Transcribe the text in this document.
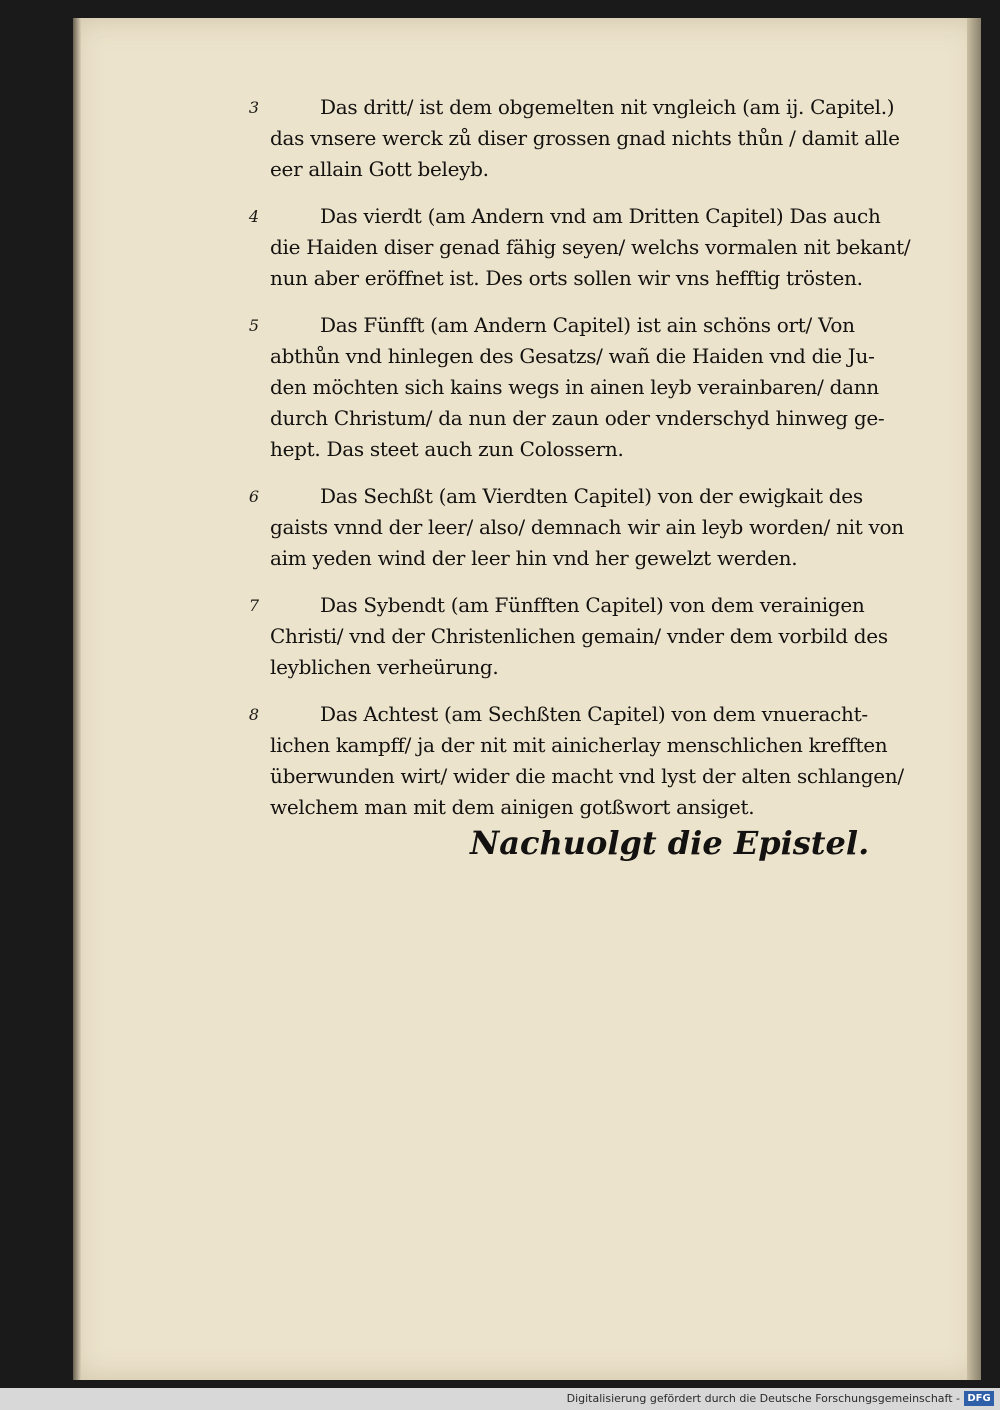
3	Das dritt/ ist dem obgemelten nit vngleich (am ij. Capitel.)
das vnsere werck zů diser grossen gnad nichts thůn / damit alle
eer allain Gott beleyb.
4	Das vierdt (am Andern vnd am Dritten Capitel) Das auch
die Haiden diser genad fähig seyen/ welchs vormalen nit bekant/
nun aber eröffnet ist. Des orts sollen wir vns hefftig trösten.
5	Das Fünfft (am Andern Capitel) ist ain schöns ort/ Von
abthůn vnd hinlegen des Gesatzs/ wañ die Haiden vnd die Ju-
den möchten sich kains wegs in ainen leyb verainbaren/ dann
durch Christum/ da nun der zaun oder vnderschyd hinweg ge-
hept. Das steet auch zun Colossern.
6	Das Sechßt (am Vierdten Capitel) von der ewigkait des
gaists vnnd der leer/ also/ demnach wir ain leyb worden/ nit von
aim yeden wind der leer hin vnd her gewelzt werden.
7	Das Sybendt (am Fünfften Capitel) von dem verainigen
Christi/ vnd der Christenlichen gemain/ vnder dem vorbild des
leyblichen verheürung.
8	Das Achtest (am Sechßten Capitel) von dem vnueracht-
lichen kampff/ ja der nit mit ainicherlay menschlichen krefften
überwunden wirt/ wider die macht vnd lyst der alten schlangen/
welchem man mit dem ainigen gotßwort ansiget.
Nachuolgt die Epistel.
Digitalisierung gefördert durch die Deutsche Forschungsgemeinschaft - DFG
